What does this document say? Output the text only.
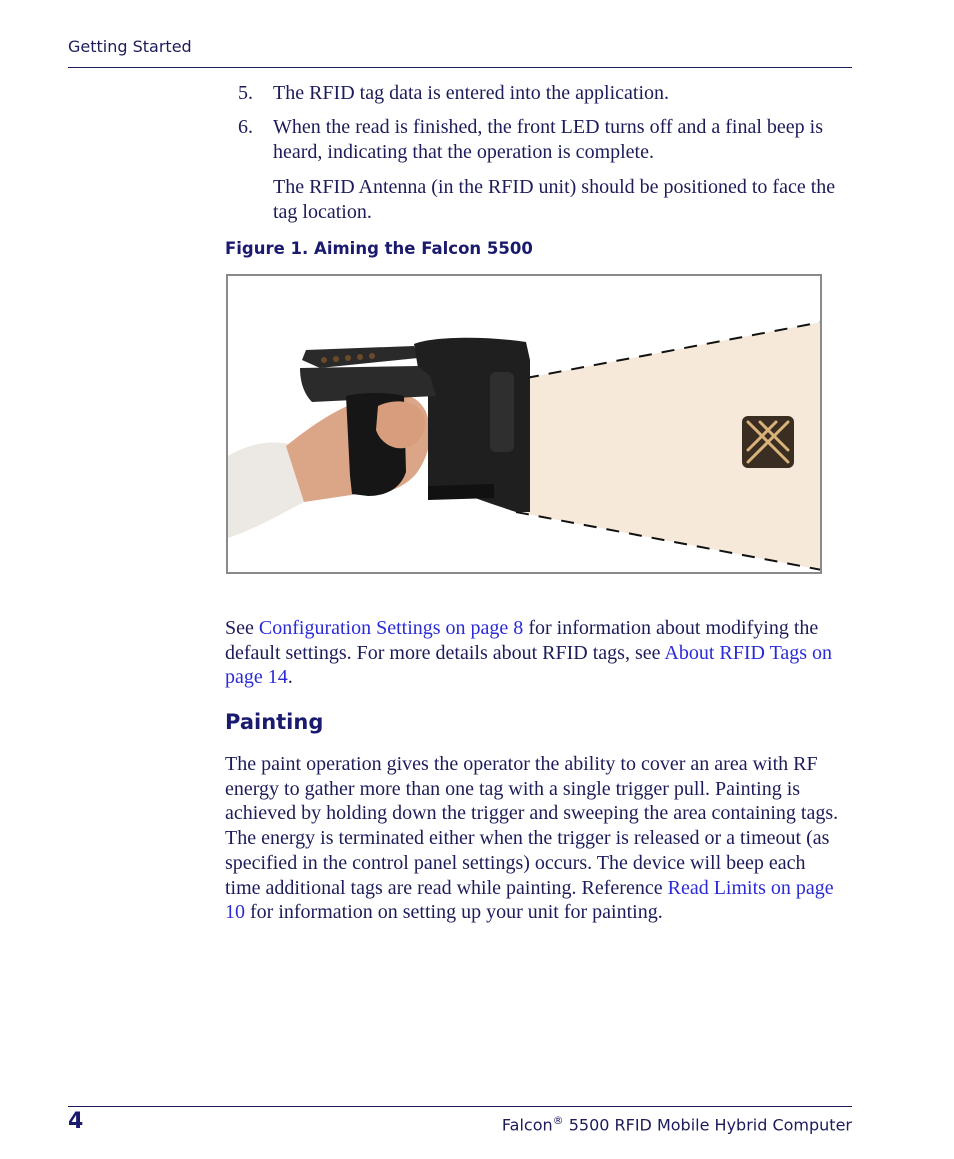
Getting Started
5. The RFID tag data is entered into the application.
6. When the read is finished, the front LED turns off and a final beep is heard, indicating that the operation is complete.
The RFID Antenna (in the RFID unit) should be positioned to face the tag location.
Figure 1. Aiming the Falcon 5500
See Configuration Settings on page 8 for information about modifying the default settings. For more details about RFID tags, see About RFID Tags on page 14.
Painting
The paint operation gives the operator the ability to cover an area with RF energy to gather more than one tag with a single trigger pull. Painting is achieved by holding down the trigger and sweeping the area containing tags. The energy is terminated either when the trigger is released or a timeout (as specified in the control panel settings) occurs. The device will beep each time additional tags are read while painting. Reference Read Limits on page 10 for information on setting up your unit for painting.
4	Falcon® 5500 RFID Mobile Hybrid Computer
